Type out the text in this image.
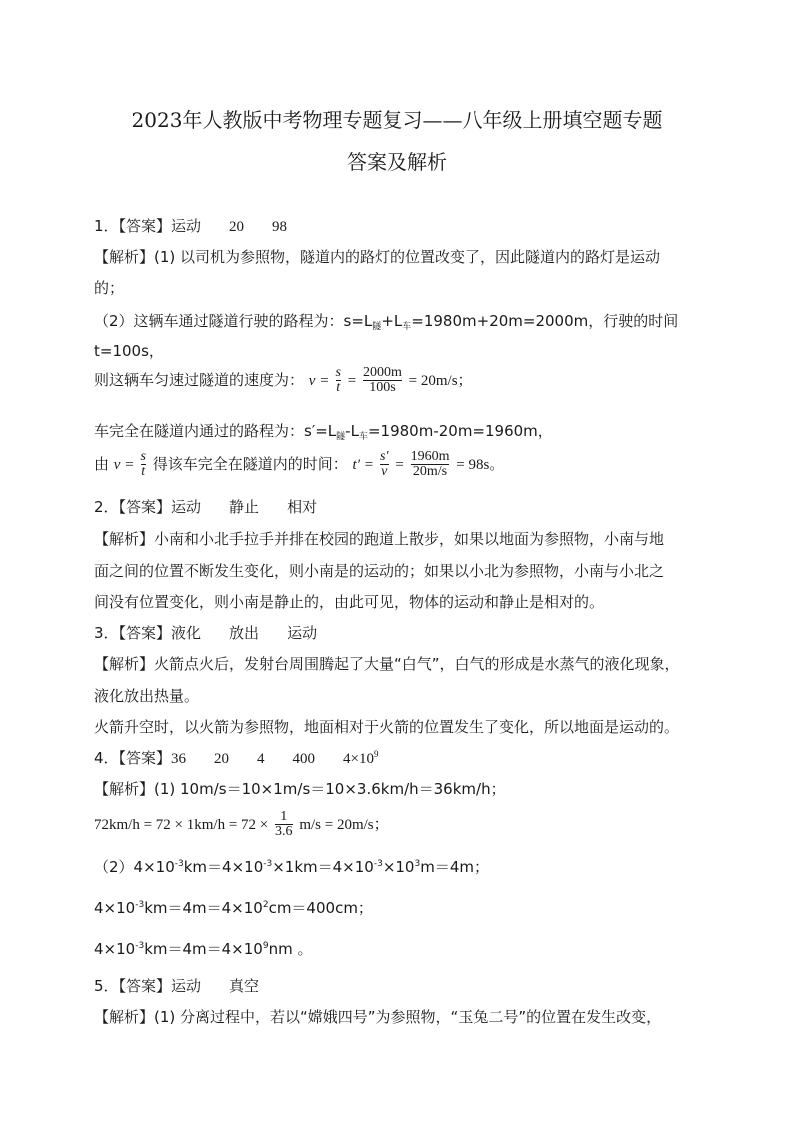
2023年人教版中考物理专题复习——八年级上册填空题专题
答案及解析
1．【答案】运动 20 98
【解析】(1) 以司机为参照物，隧道内的路灯的位置改变了，因此隧道内的路灯是运动
的；
（2）这辆车通过隧道行驶的路程为：$s=L_隧+L_车=1980m+20m=2000m$，行驶的时间
t=100s，
则这辆车匀速过隧道的速度为： $v = \frac{s}{t} = \frac{2000m}{100s} = 20m/s$；
车完全在隧道内通过的路程为：$s'=L_隧-L_车=1980m-20m=1960m$，
由 $v = \frac{s}{t}$ 得该车完全在隧道内的时间： $t' = \frac{s'}{v} = \frac{1960m}{20m/s} = 98s$。
2．【答案】运动 静止 相对
【解析】小南和小北手拉手并排在校园的跑道上散步，如果以地面为参照物，小南与地
面之间的位置不断发生变化，则小南是的运动的；如果以小北为参照物，小南与小北之
间没有位置变化，则小南是静止的，由此可见，物体的运动和静止是相对的。
3．【答案】液化 放出 运动
【解析】火箭点火后，发射台周围腾起了大量“白气”，白气的形成是水蒸气的液化现象，
液化放出热量。
火箭升空时，以火箭为参照物，地面相对于火箭的位置发生了变化，所以地面是运动的。
4．【答案】36 20 4 400 $4\times 10^9$
【解析】(1) 10m/s＝10×1m/s＝10×3.6km/h＝36km/h；
$72km/h = 72 \times 1km/h = 72 \times \frac{1}{3.6} m/s = 20m/s$；
$(2)4\times 10^{-3}km=4\times 10^{-3}\times 1km=4\times 10^{-3}\times 10^3m=4m$；
$4\times 10^{-3}km=4m=4\times 10^2cm=400cm$；
$4\times 10^{-3}km=4m=4\times 10^9nm$ 。
5．【答案】运动 真空
【解析】(1) 分离过程中，若以“嫦娥四号”为参照物，“玉兔二号”的位置在发生改变，
